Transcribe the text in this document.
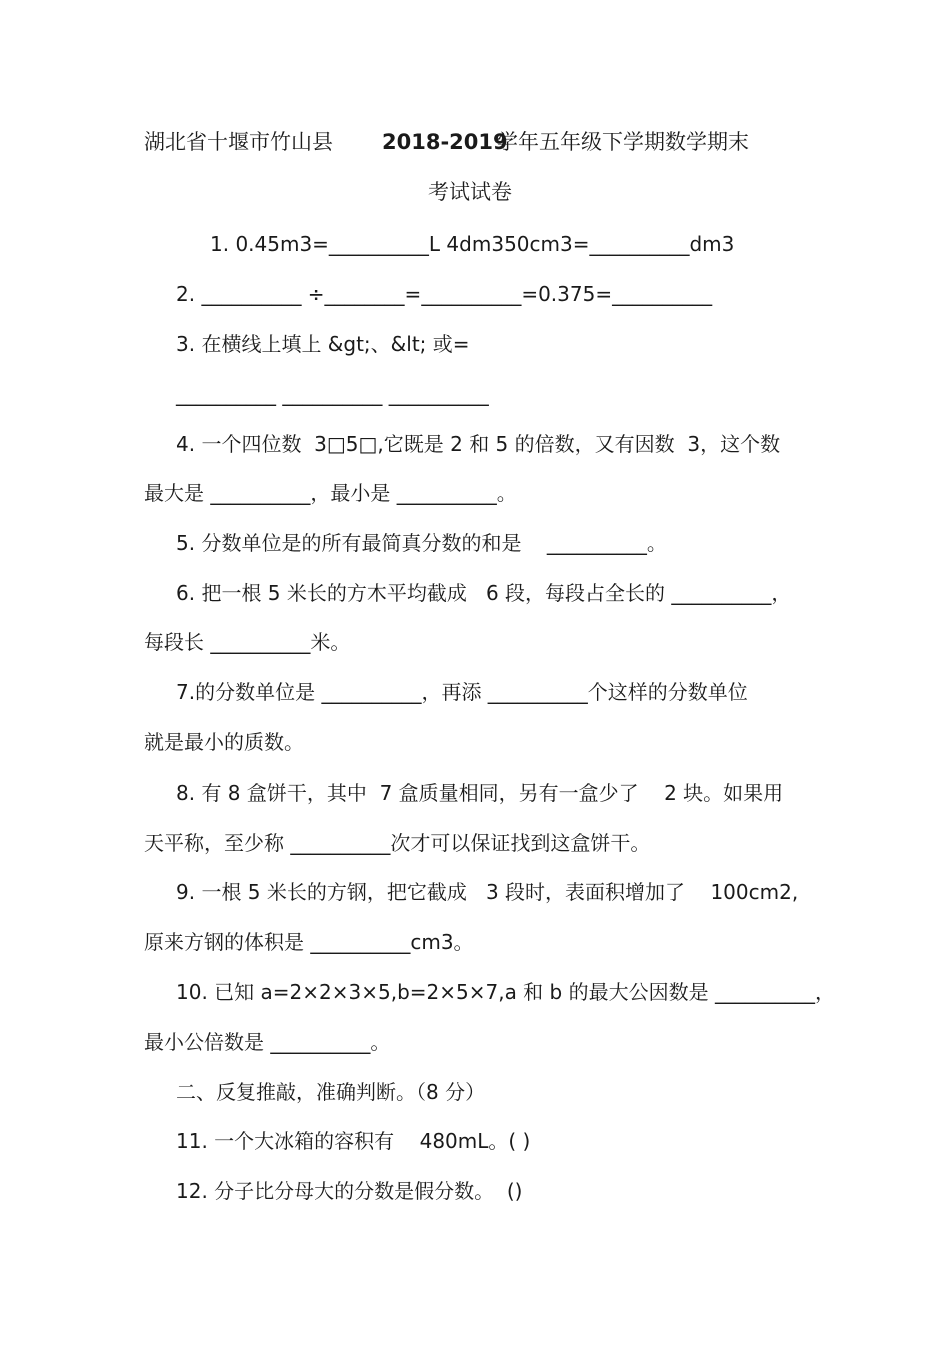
湖北省十堰市竹山县 2018-2019
学年五年级下学期数学期末
考试试卷
1. 0.45m3=__________L 4dm350cm3=__________dm3
2. __________ ÷________=__________=0.375=__________
3. 在横线上填上 &gt;、&lt; 或=
__________ __________ __________
4. 一个四位数  3□5□,它既是 2 和 5 的倍数，又有因数  3，这个数
最大是 __________，最小是 __________。
5. 分数单位是的所有最简真分数的和是    __________。
6. 把一根 5 米长的方木平均截成   6 段，每段占全长的 __________，
每段长 __________米。
7.的分数单位是 __________，再添 __________个这样的分数单位
就是最小的质数。
8. 有 8 盒饼干，其中  7 盒质量相同，另有一盒少了    2 块。如果用
天平称，至少称 __________次才可以保证找到这盒饼干。
9. 一根 5 米长的方钢，把它截成   3 段时，表面积增加了    100cm2,
原来方钢的体积是 __________cm3。
10. 已知 a=2×2×3×5,b=2×5×7,a 和 b 的最大公因数是 __________，
最小公倍数是 __________。
二、反复推敲，准确判断。（8 分）
11. 一个大冰箱的容积有    480mL。( )
12. 分子比分母大的分数是假分数。  ()
